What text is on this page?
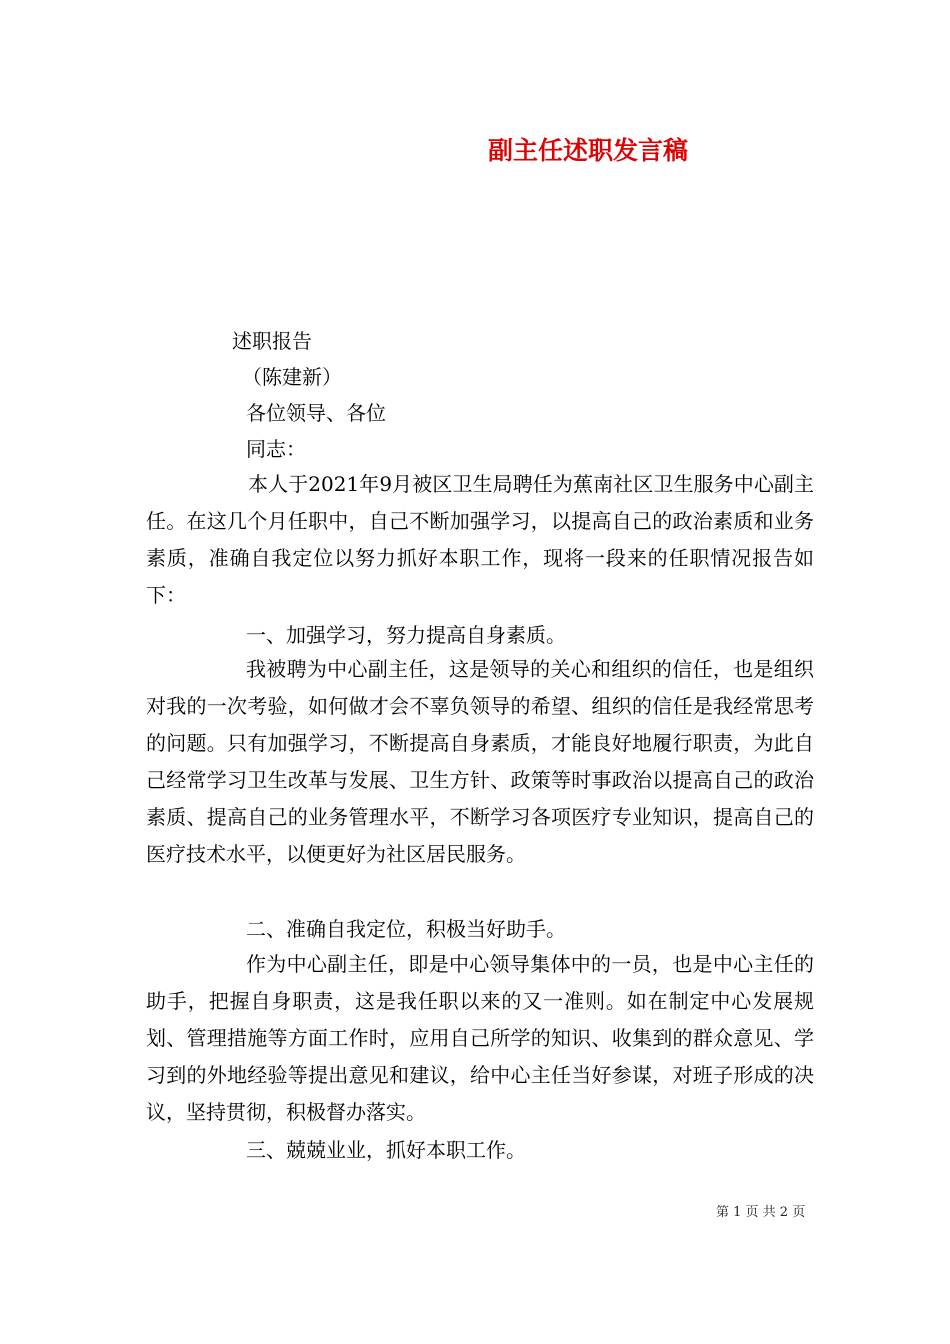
副主任述职发言稿

述职报告

（陈建新）

各位领导、各位

同志：

本人于2021年9月被区卫生局聘任为蕉南社区卫生服务中心副主任。在这几个月任职中，自己不断加强学习，以提高自己的政治素质和业务素质，准确自我定位以努力抓好本职工作，现将一段来的任职情况报告如下：

一、加强学习，努力提高自身素质。

我被聘为中心副主任，这是领导的关心和组织的信任，也是组织对我的一次考验，如何做才会不辜负领导的希望、组织的信任是我经常思考的问题。只有加强学习，不断提高自身素质，才能良好地履行职责，为此自己经常学习卫生改革与发展、卫生方针、政策等时事政治以提高自己的政治素质、提高自己的业务管理水平，不断学习各项医疗专业知识，提高自己的医疗技术水平，以便更好为社区居民服务。

二、准确自我定位，积极当好助手。

作为中心副主任，即是中心领导集体中的一员，也是中心主任的助手，把握自身职责，这是我任职以来的又一准则。如在制定中心发展规划、管理措施等方面工作时，应用自己所学的知识、收集到的群众意见、学习到的外地经验等提出意见和建议，给中心主任当好参谋，对班子形成的决议，坚持贯彻，积极督办落实。

三、兢兢业业，抓好本职工作。

第 1 页 共 2 页
